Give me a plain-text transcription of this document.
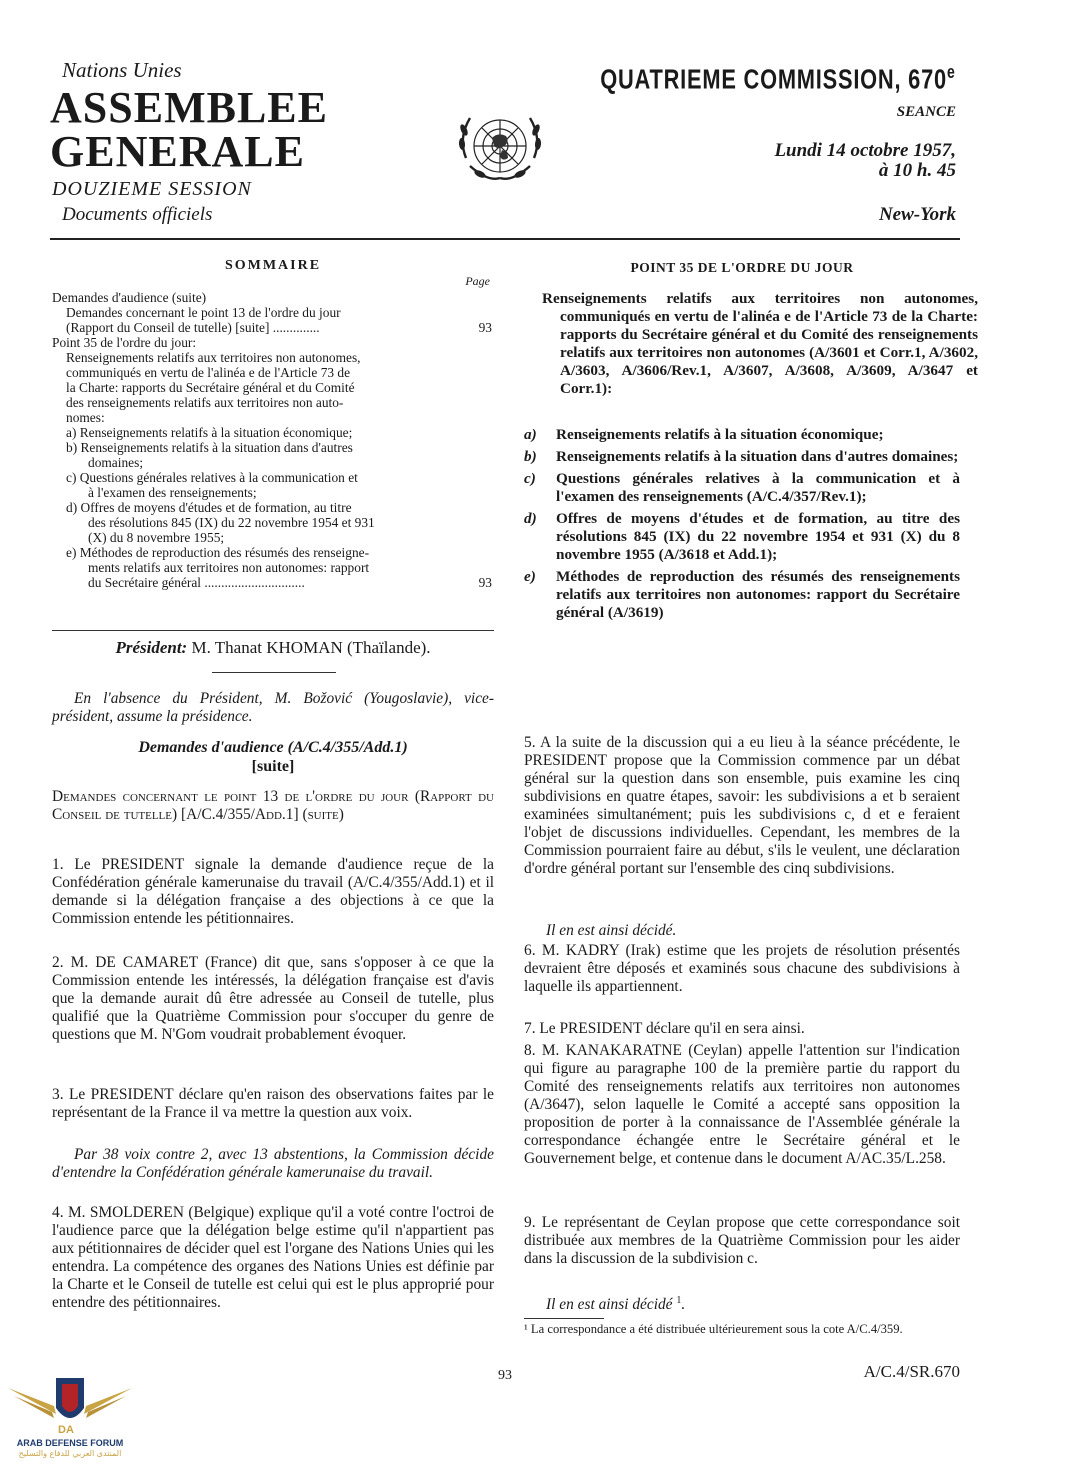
Nations Unies
ASSEMBLEE
GENERALE
DOUZIEME SESSION
Documents officiels
QUATRIEME COMMISSION, 670e
SEANCE
Lundi 14 octobre 1957,
à 10 h. 45
New-York
SOMMAIRE
Page
Demandes d'audience (suite)
Demandes concernant le point 13 de l'ordre du jour
(Rapport du Conseil de tutelle) [suite] ..............	93
Point 35 de l'ordre du jour:
Renseignements relatifs aux territoires non autonomes,
communiqués en vertu de l'alinéa e de l'Article 73 de
la Charte: rapports du Secrétaire général et du Comité
des renseignements relatifs aux territoires non auto-
nomes:
a) Renseignements relatifs à la situation économique;
b) Renseignements relatifs à la situation dans d'autres
domaines;
c) Questions générales relatives à la communication et
à l'examen des renseignements;
d) Offres de moyens d'études et de formation, au titre
des résolutions 845 (IX) du 22 novembre 1954 et 931
(X) du 8 novembre 1955;
e) Méthodes de reproduction des résumés des renseigne-
ments relatifs aux territoires non autonomes: rapport
du Secrétaire général ..............................	93
Président: M. Thanat KHOMAN (Thaïlande).
En l'absence du Président, M. Božović (Yougoslavie), vice-président, assume la présidence.
Demandes d'audience (A/C.4/355/Add.1)
[suite]
Demandes concernant le point 13 de l'ordre du jour (Rapport du Conseil de tutelle) [A/C.4/355/Add.1] (suite)
1. Le PRESIDENT signale la demande d'audience reçue de la Confédération générale kamerunaise du travail (A/C.4/355/Add.1) et il demande si la délégation française a des objections à ce que la Commission entende les pétitionnaires.
2. M. DE CAMARET (France) dit que, sans s'opposer à ce que la Commission entende les intéressés, la délégation française est d'avis que la demande aurait dû être adressée au Conseil de tutelle, plus qualifié que la Quatrième Commission pour s'occuper du genre de questions que M. N'Gom voudrait probablement évoquer.
3. Le PRESIDENT déclare qu'en raison des observations faites par le représentant de la France il va mettre la question aux voix.
Par 38 voix contre 2, avec 13 abstentions, la Commission décide d'entendre la Confédération générale kamerunaise du travail.
4. M. SMOLDEREN (Belgique) explique qu'il a voté contre l'octroi de l'audience parce que la délégation belge estime qu'il n'appartient pas aux pétitionnaires de décider quel est l'organe des Nations Unies qui les entendra. La compétence des organes des Nations Unies est définie par la Charte et le Conseil de tutelle est celui qui est le plus approprié pour entendre des pétitionnaires.
POINT 35 DE L'ORDRE DU JOUR
Renseignements relatifs aux territoires non autonomes, communiqués en vertu de l'alinéa e de l'Article 73 de la Charte: rapports du Secrétaire général et du Comité des renseignements relatifs aux territoires non autonomes (A/3601 et Corr.1, A/3602, A/3603, A/3606/Rev.1, A/3607, A/3608, A/3609, A/3647 et Corr.1):
a)	Renseignements relatifs à la situation économique;
b)	Renseignements relatifs à la situation dans d'autres domaines;
c)	Questions générales relatives à la communication et à l'examen des renseignements (A/C.4/357/Rev.1);
d)	Offres de moyens d'études et de formation, au titre des résolutions 845 (IX) du 22 novembre 1954 et 931 (X) du 8 novembre 1955 (A/3618 et Add.1);
e)	Méthodes de reproduction des résumés des renseignements relatifs aux territoires non autonomes: rapport du Secrétaire général (A/3619)
5. A la suite de la discussion qui a eu lieu à la séance précédente, le PRESIDENT propose que la Commission commence par un débat général sur la question dans son ensemble, puis examine les cinq subdivisions en quatre étapes, savoir: les subdivisions a et b seraient examinées simultanément; puis les subdivisions c, d et e feraient l'objet de discussions individuelles. Cependant, les membres de la Commission pourraient faire au début, s'ils le veulent, une déclaration d'ordre général portant sur l'ensemble des cinq subdivisions.
Il en est ainsi décidé.
6. M. KADRY (Irak) estime que les projets de résolution présentés devraient être déposés et examinés sous chacune des subdivisions à laquelle ils appartiennent.
7. Le PRESIDENT déclare qu'il en sera ainsi.
8. M. KANAKARATNE (Ceylan) appelle l'attention sur l'indication qui figure au paragraphe 100 de la première partie du rapport du Comité des renseignements relatifs aux territoires non autonomes (A/3647), selon laquelle le Comité a accepté sans opposition la proposition de porter à la connaissance de l'Assemblée générale la correspondance échangée entre le Secrétaire général et le Gouvernement belge, et contenue dans le document A/AC.35/L.258.
9. Le représentant de Ceylan propose que cette correspondance soit distribuée aux membres de la Quatrième Commission pour les aider dans la discussion de la subdivision c.
Il en est ainsi décidé $^1$.
¹ La correspondance a été distribuée ultérieurement sous la cote A/C.4/359.
93	A/C.4/SR.670
DA
ARAB DEFENSE FORUM
المنتدى العربي للدفاع والتسليح
